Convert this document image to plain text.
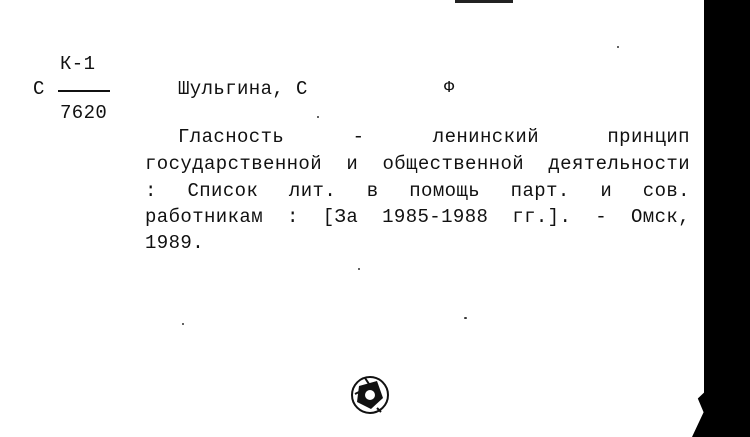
К-1
С
7620
Шульгина, С	Ф
Гласность - ленинский принцип
государственной и общественной деятельности
: Список лит. в помощь парт. и сов.
работникам : [За 1985-1988 гг.]. - Омск,
1989.
